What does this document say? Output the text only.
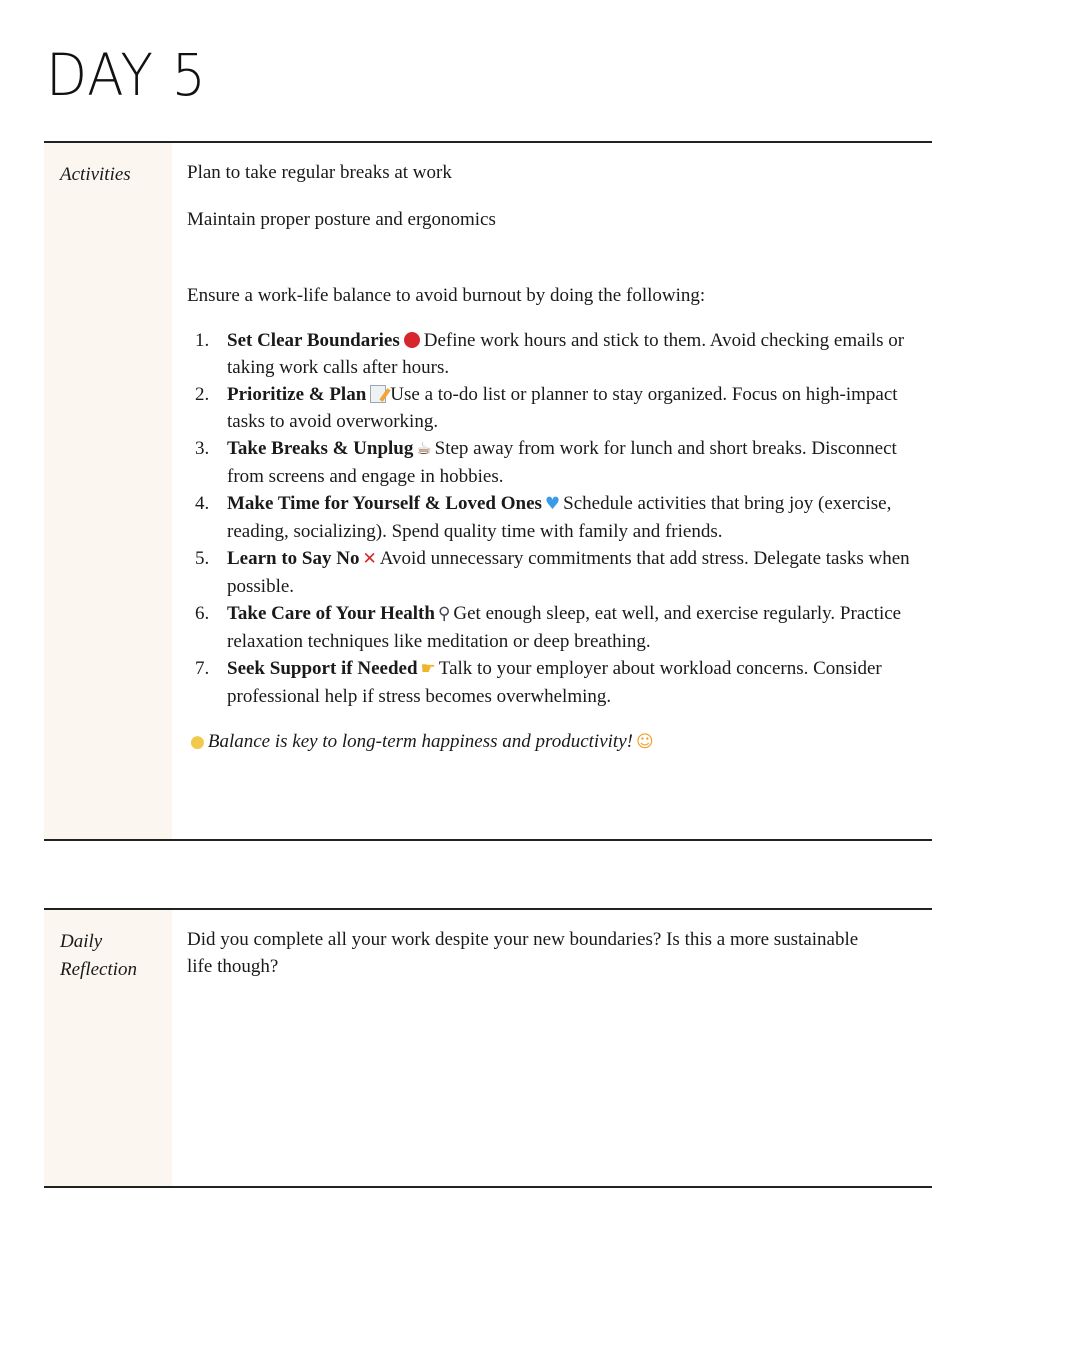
DAY 5
Activities	Plan to take regular breaks at work

Maintain proper posture and ergonomics

Ensure a work-life balance to avoid burnout by doing the following:

1. Set Clear Boundaries Define work hours and stick to them. Avoid checking emails or taking work calls after hours.
2. Prioritize & Plan Use a to-do list or planner to stay organized. Focus on high-impact tasks to avoid overworking.
3. Take Breaks & Unplug ☕ Step away from work for lunch and short breaks. Disconnect from screens and engage in hobbies.
4. Make Time for Yourself & Loved Ones ♥ Schedule activities that bring joy (exercise, reading, socializing). Spend quality time with family and friends.
5. Learn to Say No ✕ Avoid unnecessary commitments that add stress. Delegate tasks when possible.
6. Take Care of Your Health ⚲ Get enough sleep, eat well, and exercise regularly. Practice relaxation techniques like meditation or deep breathing.
7. Seek Support if Needed ☛ Talk to your employer about workload concerns. Consider professional help if stress becomes overwhelming.

● Balance is key to long-term happiness and productivity! ☺

Daily
Reflection

Did you complete all your work despite your new boundaries? Is this a more sustainable life though?
